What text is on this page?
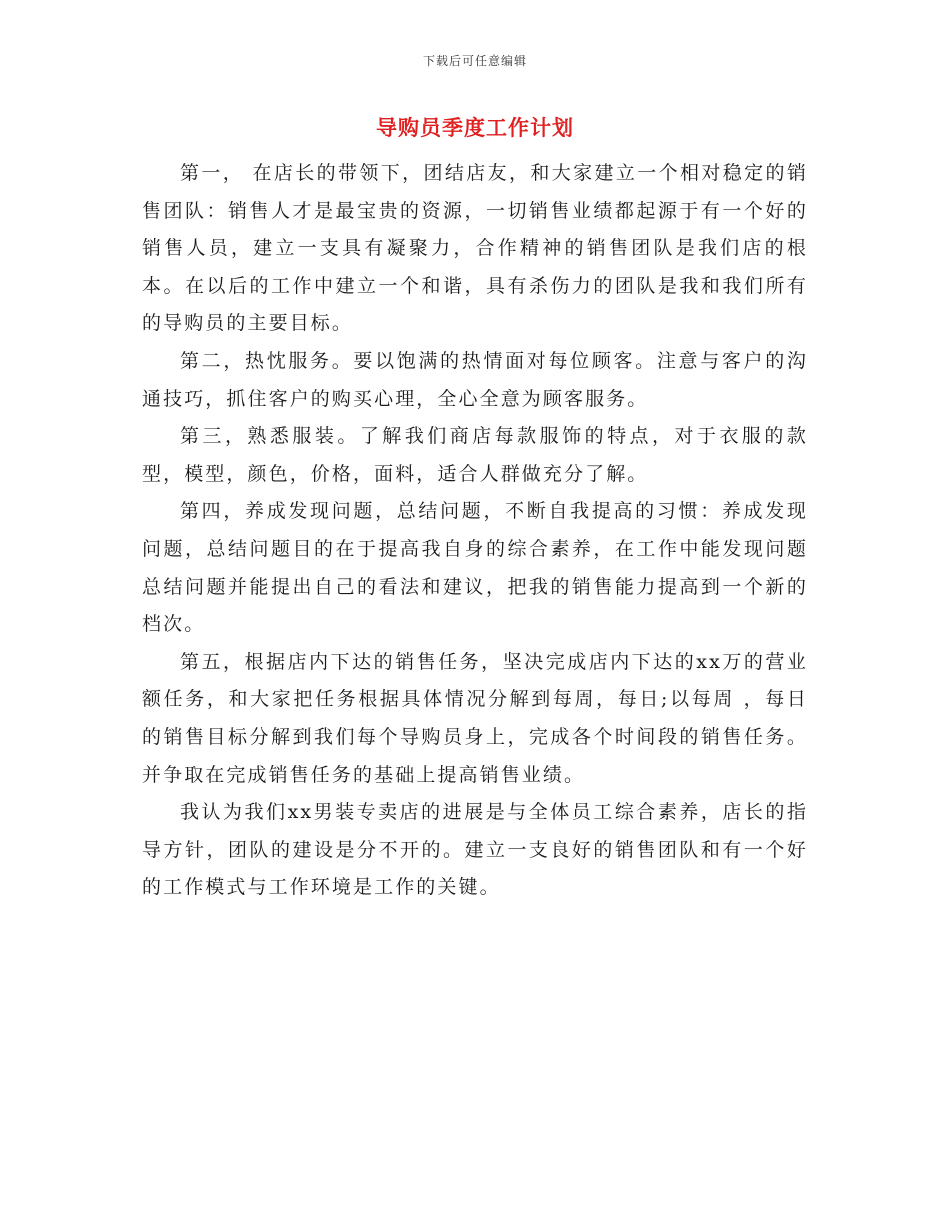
下载后可任意编辑
导购员季度工作计划

第一， 在店长的带领下，团结店友，和大家建立一个相对稳定的销售团队：销售人才是最宝贵的资源，一切销售业绩都起源于有一个好的销售人员，建立一支具有凝聚力，合作精神的销售团队是我们店的根本。在以后的工作中建立一个和谐，具有杀伤力的团队是我和我们所有的导购员的主要目标。

第二，热忱服务。要以饱满的热情面对每位顾客。注意与客户的沟通技巧，抓住客户的购买心理，全心全意为顾客服务。

第三，熟悉服装。了解我们商店每款服饰的特点，对于衣服的款型，模型，颜色，价格，面料，适合人群做充分了解。

第四，养成发现问题，总结问题，不断自我提高的习惯：养成发现问题，总结问题目的在于提高我自身的综合素养，在工作中能发现问题总结问题并能提出自己的看法和建议，把我的销售能力提高到一个新的档次。

第五，根据店内下达的销售任务，坚决完成店内下达的xx万的营业额任务，和大家把任务根据具体情况分解到每周，每日;以每周 ，每日的销售目标分解到我们每个导购员身上，完成各个时间段的销售任务。并争取在完成销售任务的基础上提高销售业绩。

我认为我们xx男装专卖店的进展是与全体员工综合素养，店长的指导方针，团队的建设是分不开的。建立一支良好的销售团队和有一个好的工作模式与工作环境是工作的关键。
